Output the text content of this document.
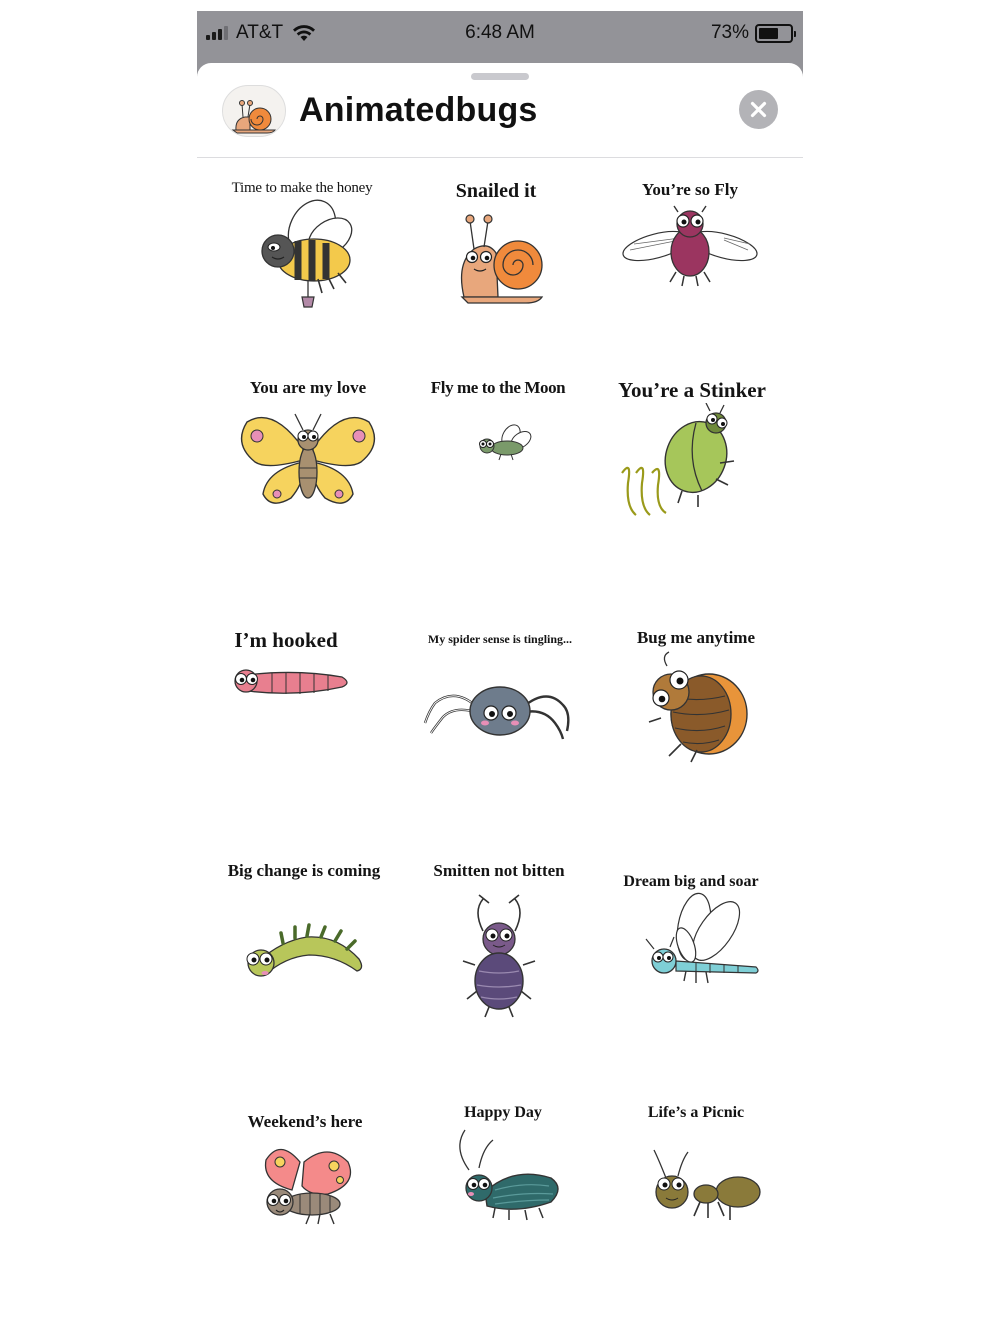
AT&T	6:48 AM	73%
Animatedbugs
Time to make the honey	Snailed it	You’re so Fly
You are my love	Fly me to the Moon	You’re a Stinker
I’m hooked	My spider sense is tingling...	Bug me anytime
Big change is coming	Smitten not bitten
Dream big and soar
Weekend’s here	Happy Day	Life’s a Picnic
